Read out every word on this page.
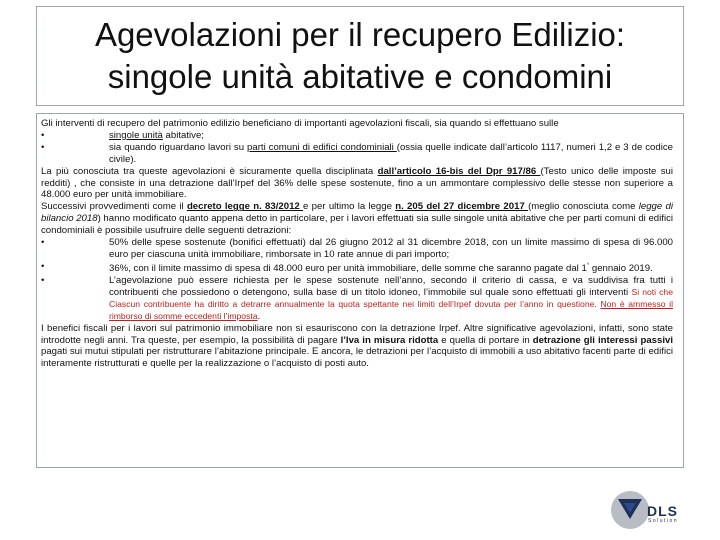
Agevolazioni per il recupero Edilizio:
singole unità abitative e condomini

Gli interventi di recupero del patrimonio edilizio beneficiano di importanti agevolazioni fiscali, sia quando si effettuano sulle

•	singole unità abitative;

•	sia quando riguardano lavori su parti comuni di edifici condominiali (ossia quelle indicate dall’articolo 1117, numeri 1,2 e 3 de codice civile).

La più conosciuta tra queste agevolazioni è sicuramente quella disciplinata dall’articolo 16-bis del Dpr 917/86 (Testo unico delle imposte sui redditi) , che consiste in una detrazione dall’Irpef del 36% delle spese sostenute, fino a un ammontare complessivo delle stesse non superiore a 48.000 euro per unità immobiliare.

Successivi provvedimenti come il decreto legge n. 83/2012 e per ultimo la legge n. 205 del 27 dicembre 2017 (meglio conosciuta come legge di bilancio 2018) hanno modificato quanto appena detto in particolare, per i lavori effettuati sia sulle singole unità abitative che per parti comuni di edifici condominiali è possibile usufruire delle seguenti detrazioni:

•	50% delle spese sostenute (bonifici effettuati) dal 26 giugno 2012 al 31 dicembre 2018, con un limite massimo di spesa di 96.000 euro per ciascuna unità immobiliare, rimborsate in 10 rate annue di pari importo;

•	36%, con il limite massimo di spesa di 48.000 euro per unità immobiliare, delle somme che saranno pagate dal 1° gennaio 2019.

•	L’agevolazione può essere richiesta per le spese sostenute nell’anno, secondo il criterio di cassa, e va suddivisa fra tutti i contribuenti che possiedono o detengono, sulla base di un titolo idoneo, l’immobile sul quale sono effettuati gli interventi Si noti che Ciascun contribuente ha diritto a detrarre annualmente la quota spettante nei limiti dell’Irpef dovuta per l’anno in questione. Non è ammesso il rimborso di somme eccedenti l’imposta.

I benefici fiscali per i lavori sul patrimonio immobiliare non si esauriscono con la detrazione Irpef. Altre significative agevolazioni, infatti, sono state introdotte negli anni. Tra queste, per esempio, la possibilità di pagare l’Iva in misura ridotta e quella di portare in detrazione gli interessi passivi pagati sui mutui stipulati per ristrutturare l’abitazione principale. E ancora, le detrazioni per l’acquisto di immobili a uso abitativo facenti parte di edifici interamente ristrutturati e quelle per la realizzazione o l’acquisto di posti auto.

DLS
Solution
